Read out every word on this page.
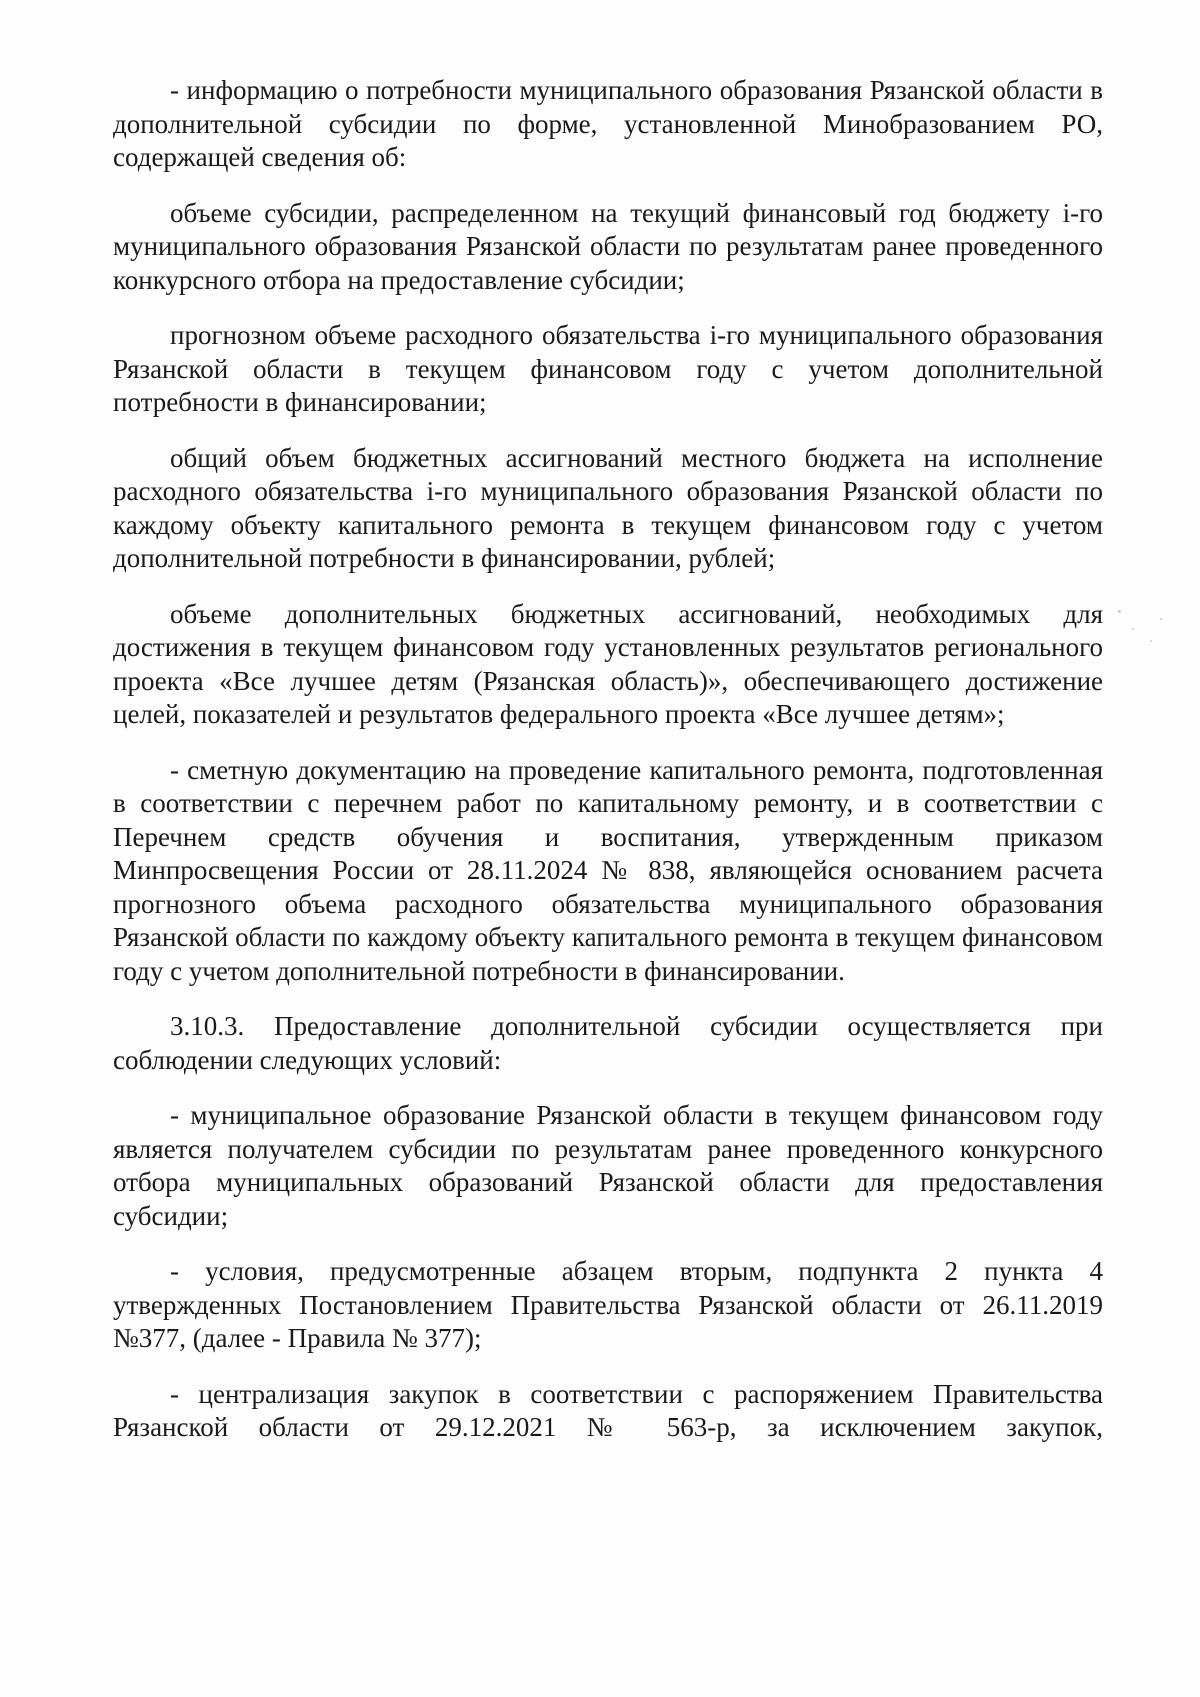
- информацию о потребности муниципального образования Рязанской области в дополнительной субсидии по форме, установленной Минобразованием РО, содержащей сведения об:

объеме субсидии, распределенном на текущий финансовый год бюджету i-го муниципального образования Рязанской области по результатам ранее проведенного конкурсного отбора на предоставление субсидии;

прогнозном объеме расходного обязательства i-го муниципального образования Рязанской области в текущем финансовом году с учетом дополнительной потребности в финансировании;

общий объем бюджетных ассигнований местного бюджета на исполнение расходного обязательства i-го муниципального образования Рязанской области по каждому объекту капитального ремонта в текущем финансовом году с учетом дополнительной потребности в финансировании, рублей;

объеме дополнительных бюджетных ассигнований, необходимых для достижения в текущем финансовом году установленных результатов регионального проекта «Все лучшее детям (Рязанская область)», обеспечивающего достижение целей, показателей и результатов федерального проекта «Все лучшее детям»;

- сметную документацию на проведение капитального ремонта, подготовленная в соответствии с перечнем работ по капитальному ремонту, и в соответствии с Перечнем средств обучения и воспитания, утвержденным приказом Минпросвещения России от 28.11.2024 № 838, являющейся основанием расчета прогнозного объема расходного обязательства муниципального образования Рязанской области по каждому объекту капитального ремонта в текущем финансовом году с учетом дополнительной потребности в финансировании.

3.10.3. Предоставление дополнительной субсидии осуществляется при соблюдении следующих условий:

- муниципальное образование Рязанской области в текущем финансовом году является получателем субсидии по результатам ранее проведенного конкурсного отбора муниципальных образований Рязанской области для предоставления субсидии;

- условия, предусмотренные абзацем вторым, подпункта 2 пункта 4 утвержденных Постановлением Правительства Рязанской области от 26.11.2019 №377, (далее - Правила № 377);

- централизация закупок в соответствии с распоряжением Правительства Рязанской области от 29.12.2021 № 563-р, за исключением закупок,
